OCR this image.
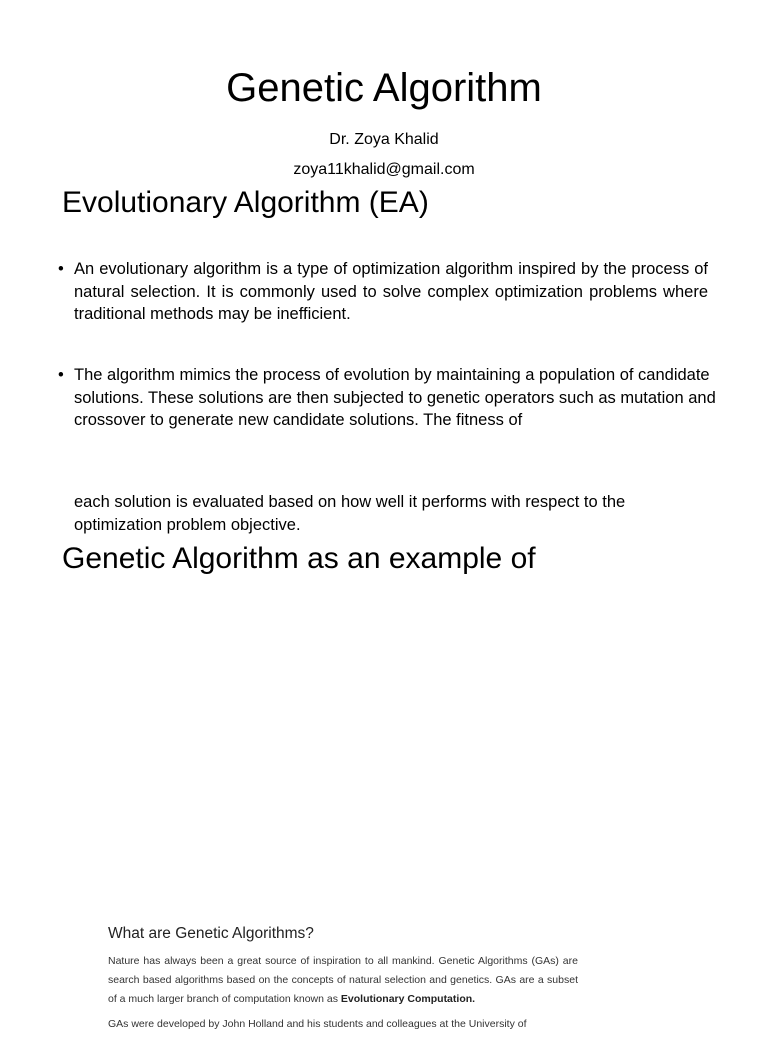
Genetic Algorithm
Dr. Zoya Khalid
zoya11khalid@gmail.com
Evolutionary Algorithm (EA)
• An evolutionary algorithm is a type of optimization algorithm inspired by the process of natural selection. It is commonly used to solve complex optimization problems where traditional methods may be inefficient.
• The algorithm mimics the process of evolution by maintaining a population of candidate solutions. These solutions are then subjected to genetic operators such as mutation and crossover to generate new candidate solutions. The fitness of
each solution is evaluated based on how well it performs with respect to the optimization problem objective.
Genetic Algorithm as an example of
What are Genetic Algorithms?

Nature has always been a great source of inspiration to all mankind. Genetic Algorithms (GAs) are search based algorithms based on the concepts of natural selection and genetics. GAs are a subset of a much larger branch of computation known as Evolutionary Computation.

GAs were developed by John Holland and his students and colleagues at the University of
